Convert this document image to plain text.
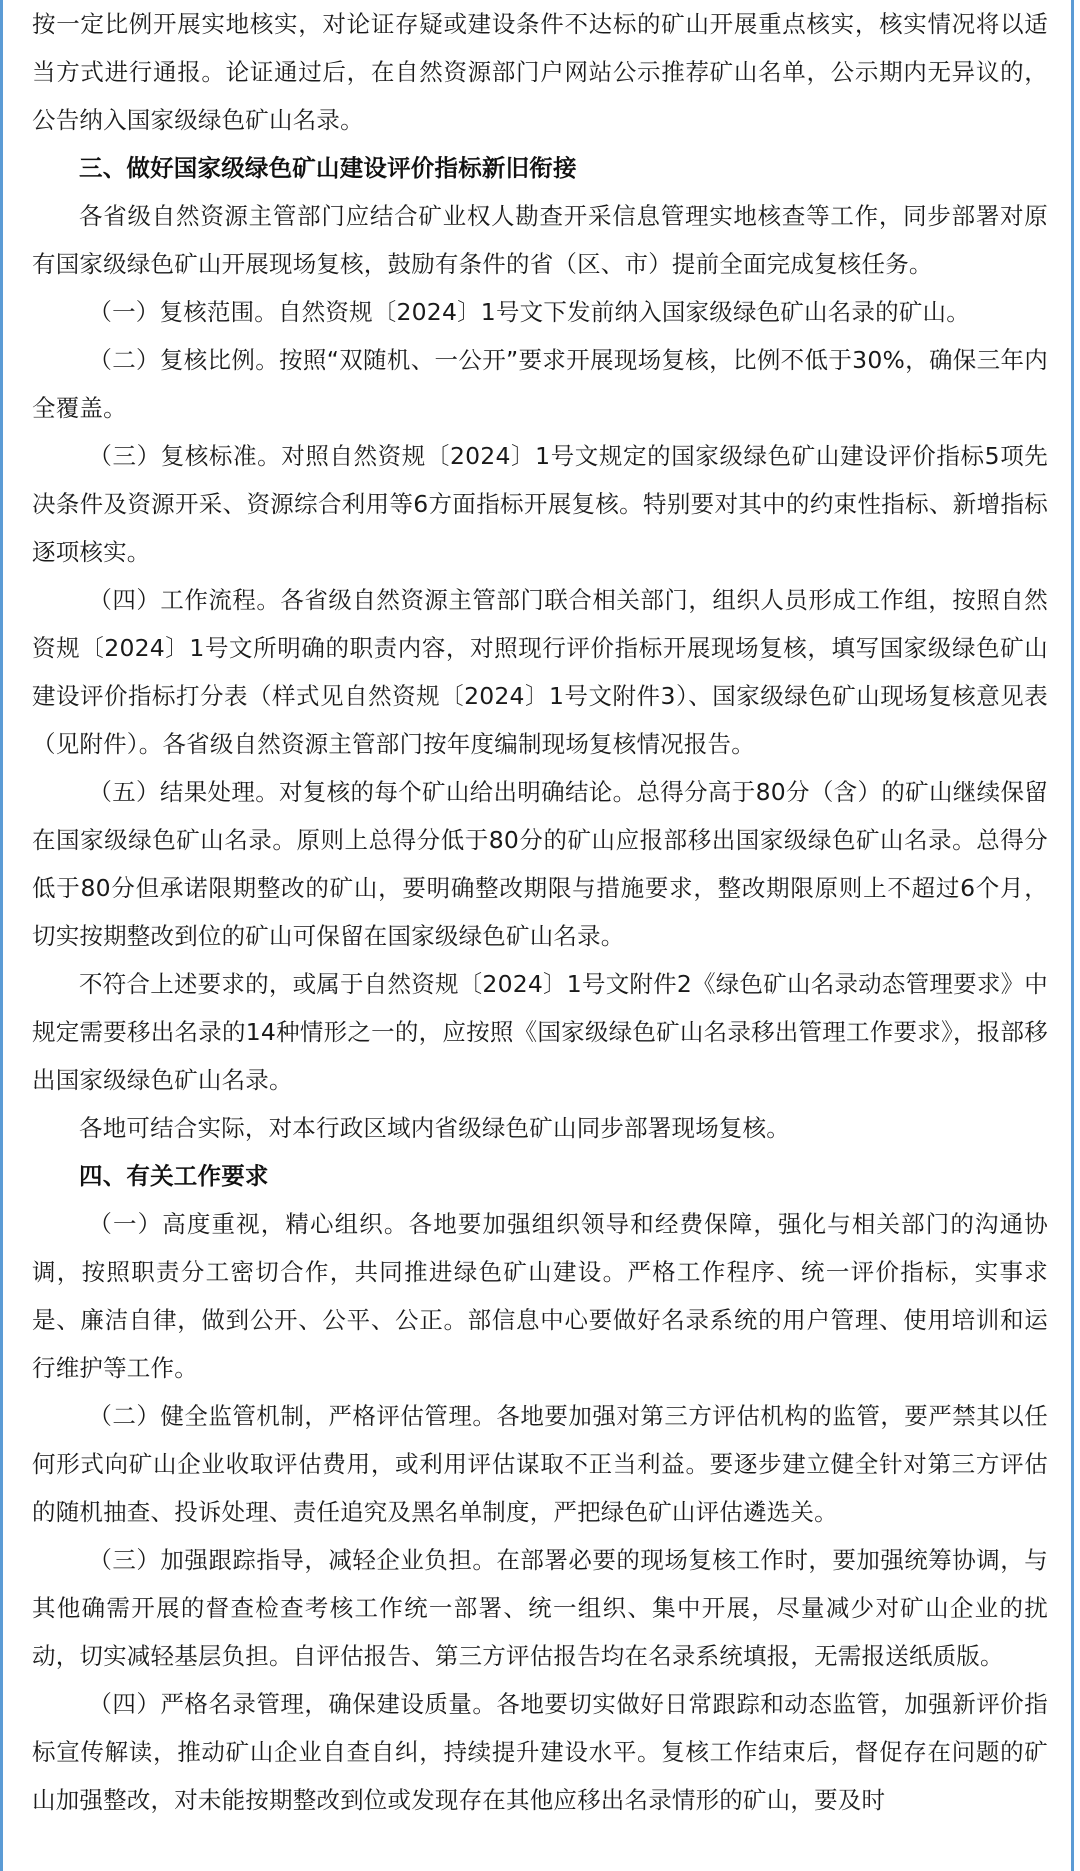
按一定比例开展实地核实，对论证存疑或建设条件不达标的矿山开展重点核实，核实情况将以适当方式进行通报。论证通过后，在自然资源部门户网站公示推荐矿山名单，公示期内无异议的，公告纳入国家级绿色矿山名录。

三、做好国家级绿色矿山建设评价指标新旧衔接

各省级自然资源主管部门应结合矿业权人勘查开采信息管理实地核查等工作，同步部署对原有国家级绿色矿山开展现场复核，鼓励有条件的省（区、市）提前全面完成复核任务。

（一）复核范围。自然资规〔2024〕1号文下发前纳入国家级绿色矿山名录的矿山。

（二）复核比例。按照“双随机、一公开”要求开展现场复核，比例不低于30%，确保三年内全覆盖。

（三）复核标准。对照自然资规〔2024〕1号文规定的国家级绿色矿山建设评价指标5项先决条件及资源开采、资源综合利用等6方面指标开展复核。特别要对其中的约束性指标、新增指标逐项核实。

（四）工作流程。各省级自然资源主管部门联合相关部门，组织人员形成工作组，按照自然资规〔2024〕1号文所明确的职责内容，对照现行评价指标开展现场复核，填写国家级绿色矿山建设评价指标打分表（样式见自然资规〔2024〕1号文附件3）、国家级绿色矿山现场复核意见表（见附件）。各省级自然资源主管部门按年度编制现场复核情况报告。

（五）结果处理。对复核的每个矿山给出明确结论。总得分高于80分（含）的矿山继续保留在国家级绿色矿山名录。原则上总得分低于80分的矿山应报部移出国家级绿色矿山名录。总得分低于80分但承诺限期整改的矿山，要明确整改期限与措施要求，整改期限原则上不超过6个月，切实按期整改到位的矿山可保留在国家级绿色矿山名录。

不符合上述要求的，或属于自然资规〔2024〕1号文附件2《绿色矿山名录动态管理要求》中规定需要移出名录的14种情形之一的，应按照《国家级绿色矿山名录移出管理工作要求》，报部移出国家级绿色矿山名录。

各地可结合实际，对本行政区域内省级绿色矿山同步部署现场复核。

四、有关工作要求

（一）高度重视，精心组织。各地要加强组织领导和经费保障，强化与相关部门的沟通协调，按照职责分工密切合作，共同推进绿色矿山建设。严格工作程序、统一评价指标，实事求是、廉洁自律，做到公开、公平、公正。部信息中心要做好名录系统的用户管理、使用培训和运行维护等工作。

（二）健全监管机制，严格评估管理。各地要加强对第三方评估机构的监管，要严禁其以任何形式向矿山企业收取评估费用，或利用评估谋取不正当利益。要逐步建立健全针对第三方评估的随机抽查、投诉处理、责任追究及黑名单制度，严把绿色矿山评估遴选关。

（三）加强跟踪指导，减轻企业负担。在部署必要的现场复核工作时，要加强统筹协调，与其他确需开展的督查检查考核工作统一部署、统一组织、集中开展，尽量减少对矿山企业的扰动，切实减轻基层负担。自评估报告、第三方评估报告均在名录系统填报，无需报送纸质版。

（四）严格名录管理，确保建设质量。各地要切实做好日常跟踪和动态监管，加强新评价指标宣传解读，推动矿山企业自查自纠，持续提升建设水平。复核工作结束后，督促存在问题的矿山加强整改，对未能按期整改到位或发现存在其他应移出名录情形的矿山，要及时
